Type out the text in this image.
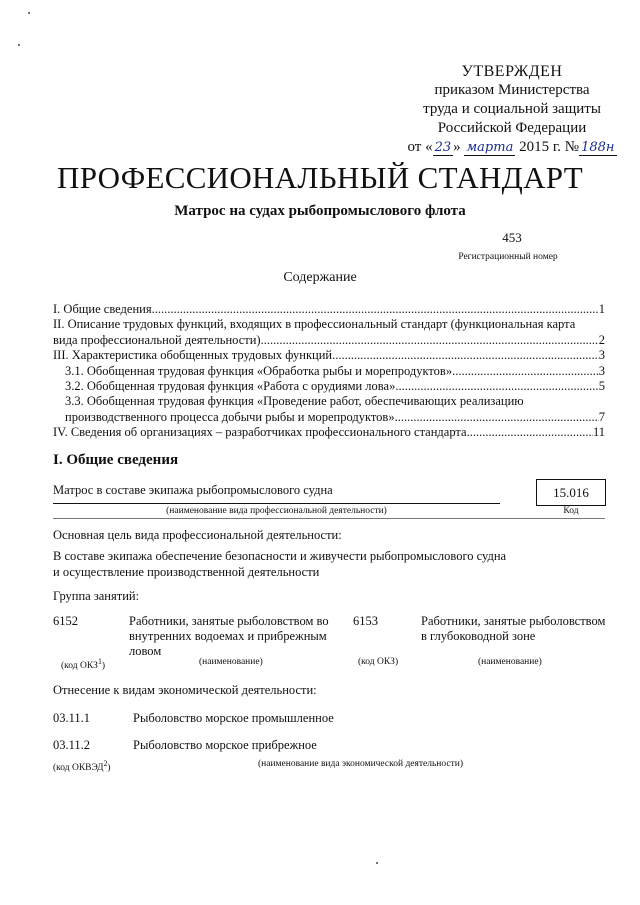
УТВЕРЖДЕН
приказом Министерства
труда и социальной защиты
Российской Федерации
от « 23 » марта 2015 г. № 188н
ПРОФЕССИОНАЛЬНЫЙ СТАНДАРТ
Матрос на судах рыбопромыслового флота
453
Регистрационный номер
Содержание
I. Общие сведения .....	1
II. Описание трудовых функций, входящих в профессиональный стандарт (функциональная карта
вида профессиональной деятельности) .....	2
III. Характеристика обобщенных трудовых функций .....	3
3.1. Обобщенная трудовая функция «Обработка рыбы и морепродуктов» .....	3
3.2. Обобщенная трудовая функция «Работа с орудиями лова» .....	5
3.3. Обобщенная трудовая функция «Проведение работ, обеспечивающих реализацию
производственного процесса добычи рыбы и морепродуктов» .....	7
IV. Сведения об организациях – разработчиках профессионального стандарта .....	11
I. Общие сведения
Матрос в составе экипажа рыбопромыслового судна
(наименование вида профессиональной деятельности)
15.016
Код
Основная цель вида профессиональной деятельности:
В составе экипажа обеспечение безопасности и живучести рыбопромыслового судна
и осуществление производственной деятельности
Группа занятий:
6152	Работники, занятые рыболовством во внутренних водоемах и прибрежным ловом
6153	Работники, занятые рыболовством в глубоководной зоне
(код ОКЗ$^1$)	(наименование)	(код ОКЗ)	(наименование)
Отнесение к видам экономической деятельности:
03.11.1	Рыболовство морское промышленное
03.11.2	Рыболовство морское прибрежное
(код ОКВЭД$^2$)	(наименование вида экономической деятельности)
